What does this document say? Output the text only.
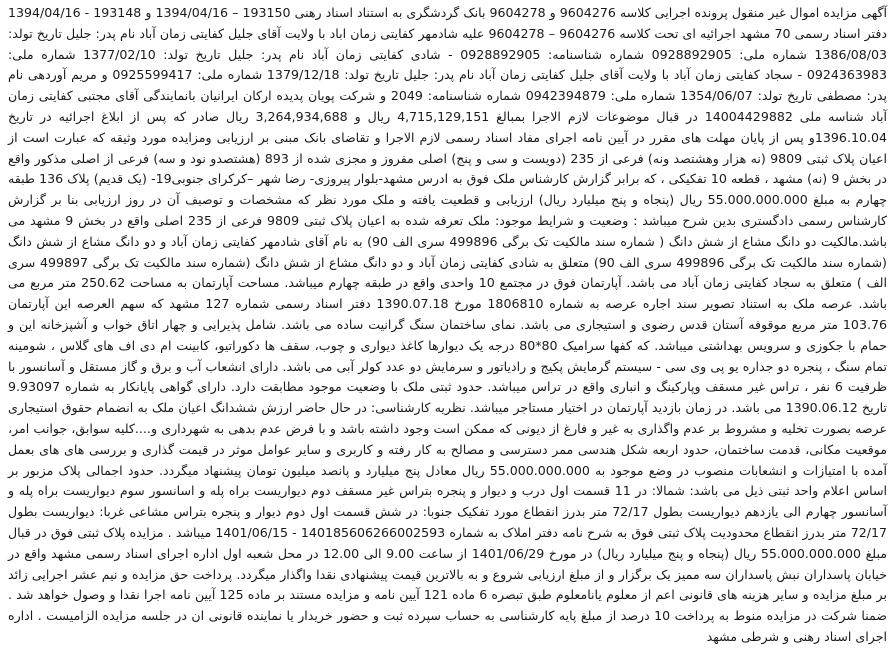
آگهی مزایده اموال غیر منقول پرونده اجرایی کلاسه 9604276 و 9604278 بانک گردشگری به استناد اسناد رهنی 193150 – 1394/04/16 و 193148 - 1394/04/16 دفتر اسناد رسمی 70 مشهد اجرائیه ای تحت کلاسه 9604276 – 9604278 علیه شادمهر کفایتی زمان اباد با ولایت آقای جلیل کفایتی زمان آباد نام پدر: جلیل تاریخ تولد: 1386/08/03 شماره ملی: 0928892905 شماره شناسنامه: 0928892905 - شادی کفایتی زمان آباد نام پدر: جلیل تاریخ تولد: 1377/02/10 شماره ملی: 0924363983 - سجاد کفایتی زمان آباد با ولایت آقای جلیل کفایتی زمان آباد نام پدر: جلیل تاریخ تولد: 1379/12/18 شماره ملی: 0925599417 و مریم آوردهی نام پدر: مصطفی تاریخ تولد: 1354/06/07 شماره ملی: 0942394879 شماره شناسنامه: 2049 و شرکت پویان پدیده ارکان ایرانیان بانمایندگی آقای مجتبی کفایتی زمان آباد شناسه ملی 14004429882 در قبال موضوعات لازم الاجرا بمبالغ 4,715,129,151 ریال و 3,264,934,688 ریال صادر که پس از ابلاغ اجرائیه در تاریخ 1396.10.04و پس از پایان مهلت های مقرر در آیین نامه اجرای مفاد اسناد رسمی لازم الاجرا و تقاضای بانک مبنی بر ارزیابی ومزایده مورد وثیقه که عبارت است از اعیان پلاک ثبتی 9809 (نه هزار وهشتصد ونه) فرعی از 235 (دویست و سی و پنج) اصلی مفروز و مجزی شده از 893 (هشتصدو نود و سه) فرعی از اصلی مذکور واقع در بخش 9 (نه) مشهد ، قطعه 10 تفکیکی ، که برابر گزارش کارشناس ملک فوق به ادرس مشهد-بلوار پیروزی- رضا شهر –کرکرای جنوبی19- (یک قدیم) پلاک 136 طبقه چهارم به مبلغ 55.000.000.000 ریال (پنجاه و پنج میلیارد ریال) ارزیابی و قطعیت یافته و ملک مورد نظر که مشخصات و توصیف آن در روز ارزیابی بنا بر گزارش کارشناس رسمی دادگستری بدین شرح میباشد : وضعیت و شرایط موجود: ملک تعرفه شده به اعیان پلاک ثبتی 9809 فرعی از 235 اصلی واقع در بخش 9 مشهد می باشد.مالکیت دو دانگ مشاع از شش دانگ ( شماره سند مالکیت تک برگی 499896 سری الف 90) به نام آقای شادمهر کفایتی زمان آباد و دو دانگ مشاع از شش دانگ (شماره سند مالکیت تک برگی 499896 سری الف 90) متعلق به شادی کفایتی زمان آباد و دو دانگ مشاع از شش دانگ (شماره سند مالکیت تک برگی 499897 سری الف ) متعلق به سجاد کفایتی زمان آباد می باشد. آپارتمان فوق در مجتمع 10 واحدی واقع در طبقه چهارم میباشد. مساحت آپارتمان به مساحت 250.62 متر مربع می باشد. عرصه ملک به استناد تصویر سند اجاره عرصه به شماره 1806810 مورخ 1390.07.18 دفتر اسناد رسمی شماره 127 مشهد که سهم العرصه این آپارتمان 103.76 متر مربع موقوفه آستان قدس رضوی و استیجاری می باشد. نمای ساختمان سنگ گرانیت ساده می باشد. شامل پذیرایی و چهار اتاق خواب و آشپزخانه این و حمام با جکوزی و سرویس بهداشتی میباشد. که کفها سرامیک 80*80 درجه یک دیوارها کاغذ دیواری و چوب، سقف ها دکوراتیو، کابینت ام دی اف های گلاس ، شومینه تمام سنگ ، پنجره دو جداره یو پی وی سی - سیستم گرمایش پکیج و رادیاتور و سرمایش دو عدد کولر آبی می باشد. دارای انشعاب آب و برق و گاز مستقل و آسانسور با ظرفیت 6 نفر ، تراس غیر مسقف وپارکینگ و انباری واقع در تراس میباشد. حدود ثبتی ملک با وضعیت موجود مطابقت دارد. دارای گواهی پایانکار به شماره 9.93097 تاریخ 1390.06.12 می باشد. در زمان بازدید آپارتمان در اختیار مستاجر میباشد. نظریه کارشناسی: در حال حاضر ارزش ششدانگ اعیان ملک به انضمام حقوق استیجاری عرصه بصورت تخلیه و مشروط بر عدم واگذاری به غیر و فارغ از دیونی که ممکن است وجود داشته باشد و با فرض عدم بدهی به شهرداری و....کلیه سوابق، جوانب امر، موقعیت مکانی، قدمت ساختمان، حدود اربعه شکل هندسی ممر دسترسی و مصالح به کار رفته و کاربری و سایر عوامل موثر در قیمت گذاری و بررسی های های بعمل آمده با امتیازات و انشعابات منصوب در وضع موجود به 55.000.000.000 ریال معادل پنج میلیارد و پانصد میلیون تومان پیشنهاد میگردد. حدود اجمالی پلاک مزبور بر اساس اعلام واحد ثبتی ذیل می باشد: شمالا: در 11 قسمت اول درب و دیوار و پنجره بتراس غیر مسقف دوم دیواریست براه پله و اسانسور سوم دیواریست براه پله و آسانسور چهارم الی یازدهم دیواریست بطول 72/17 متر بدرز انقطاع مورد تفکیک جنوبا: در شش قسمت اول دوم دیوار و پنجره بتراس مشاعی غربا: دیواریست بطول 72/17 متر بدرز انقطاع محدودیت پلاک ثبتی فوق به شرح نامه دفتر املاک به شماره 140185606266002593 - 1401/06/15 میباشد . مزایده پلاک ثبتی فوق در قبال مبلغ 55.000.000.000 ریال (پنجاه و پنج میلیارد ریال) در مورخ 1401/06/29 از ساعت 9.00 الی 12.00 در محل شعبه اول اداره اجرای اسناد رسمی مشهد واقع در خیابان پاسداران نبش پاسداران سه ممیز یک برگزار و از مبلغ ارزیابی شروع و به بالاترین قیمت پیشنهادی نقدا واگذار میگردد. پرداخت حق مزایده و نیم عشر اجرایی زائد بر مبلغ مزایده و سایر هزینه های قانونی اعم از معلوم یانامعلوم طبق تبصره 6 ماده 121 آیین نامه و مزایده مستند بر ماده 125 آیین نامه اجرا نقدا و وصول خواهد شد . ضمنا شرکت در مزایده منوط به پرداخت 10 درصد از مبلغ پایه کارشناسی به حساب سپرده ثبت و حضور خریدار یا نماینده قانونی ان در جلسه مزایده الزامیست . اداره اجرای اسناد رهنی و شرطی مشهد
